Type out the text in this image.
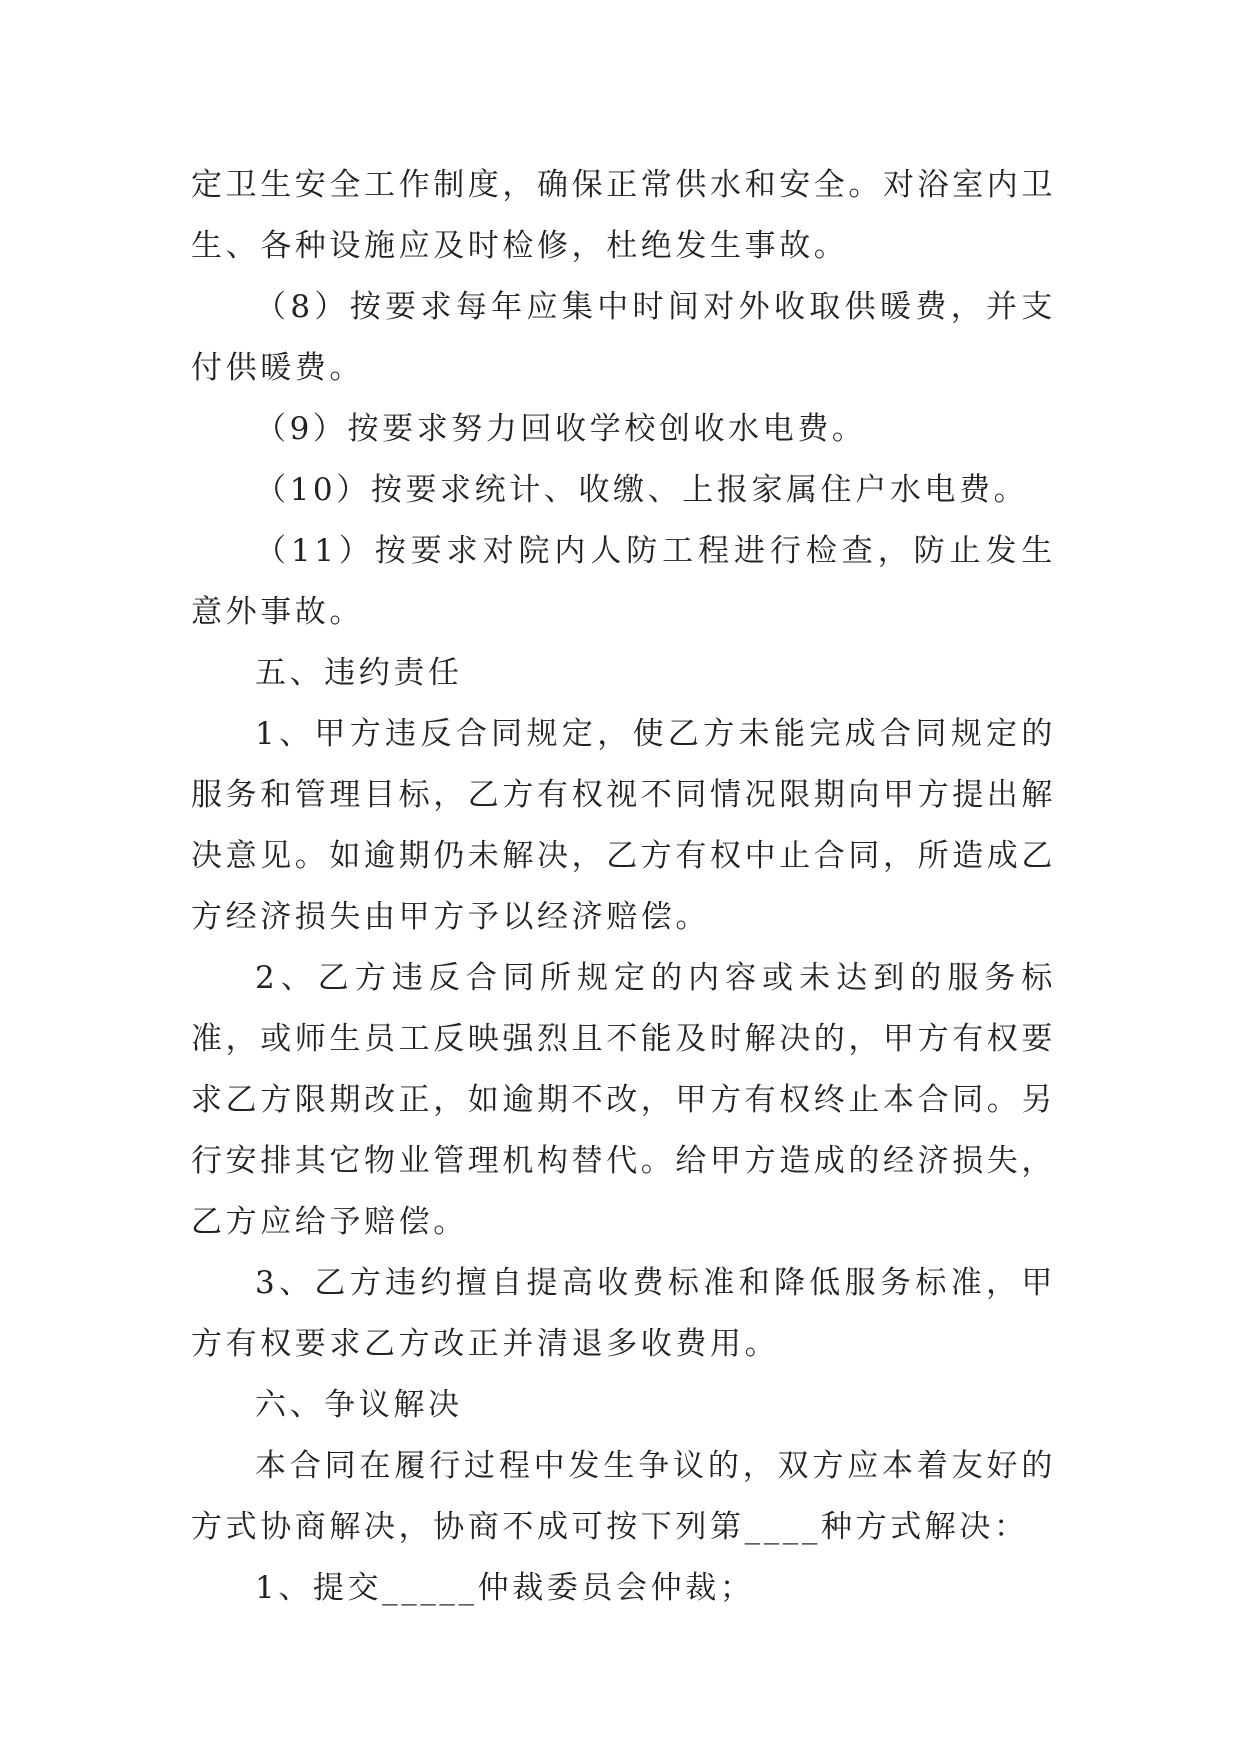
定卫生安全工作制度，确保正常供水和安全。对浴室内卫生、各种设施应及时检修，杜绝发生事故。

（8）按要求每年应集中时间对外收取供暖费，并支付供暖费。

（9）按要求努力回收学校创收水电费。

（10）按要求统计、收缴、上报家属住户水电费。

（11）按要求对院内人防工程进行检查，防止发生意外事故。

五、违约责任

1、甲方违反合同规定，使乙方未能完成合同规定的服务和管理目标，乙方有权视不同情况限期向甲方提出解决意见。如逾期仍未解决，乙方有权中止合同，所造成乙方经济损失由甲方予以经济赔偿。

2、乙方违反合同所规定的内容或未达到的服务标准，或师生员工反映强烈且不能及时解决的，甲方有权要求乙方限期改正，如逾期不改，甲方有权终止本合同。另行安排其它物业管理机构替代。给甲方造成的经济损失，乙方应给予赔偿。

3、乙方违约擅自提高收费标准和降低服务标准，甲方有权要求乙方改正并清退多收费用。

六、争议解决

本合同在履行过程中发生争议的，双方应本着友好的方式协商解决，协商不成可按下列第____种方式解决：

1、提交_____仲裁委员会仲裁；
